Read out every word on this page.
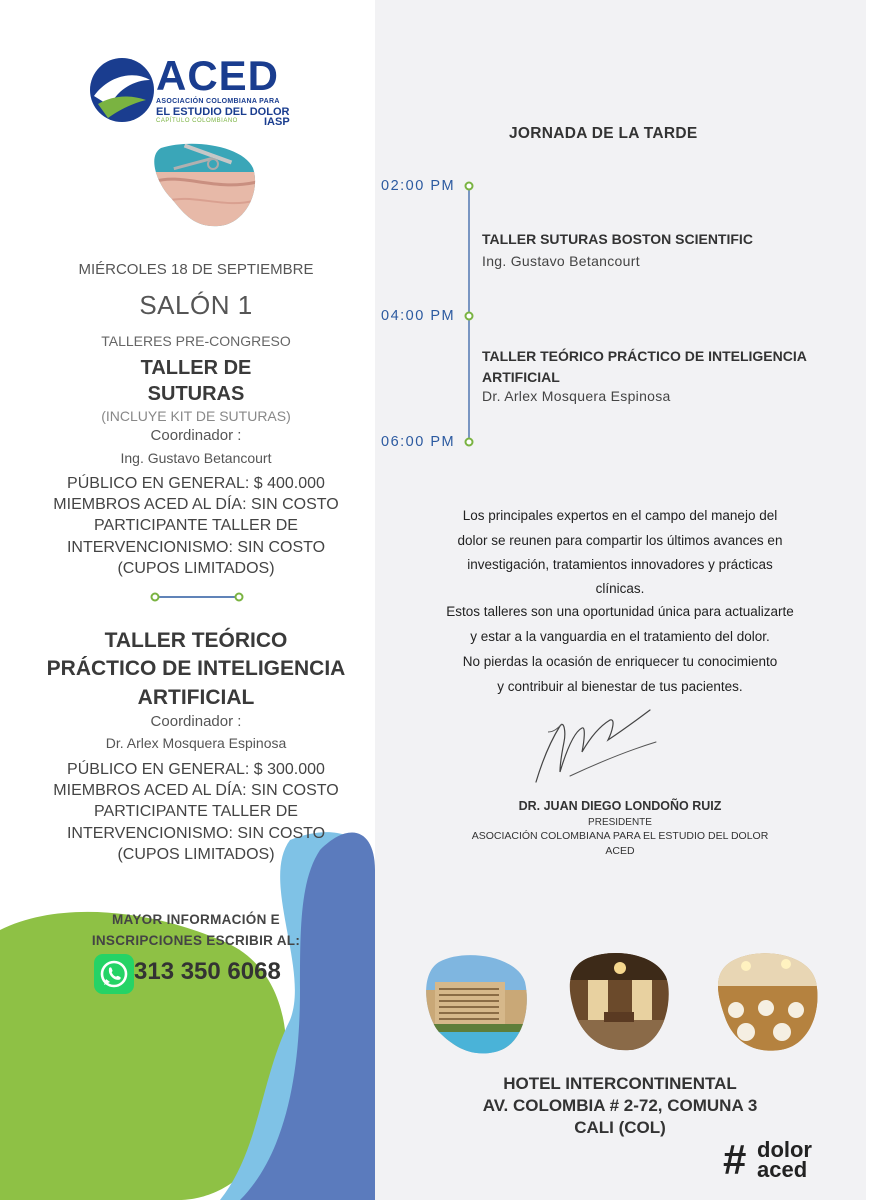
ACED
ASOCIACIÓN COLOMBIANA PARA
EL ESTUDIO DEL DOLOR
CAPÍTULO COLOMBIANO IASP
MIÉRCOLES 18 DE SEPTIEMBRE
SALÓN 1
TALLERES PRE-CONGRESO
TALLER DE
SUTURAS
(INCLUYE KIT DE SUTURAS)
Coordinador :
Ing. Gustavo Betancourt
PÚBLICO EN GENERAL: $ 400.000
MIEMBROS ACED AL DÍA: SIN COSTO
PARTICIPANTE TALLER DE
INTERVENCIONISMO: SIN COSTO
(CUPOS LIMITADOS)
TALLER TEÓRICO
PRÁCTICO DE INTELIGENCIA
ARTIFICIAL
Coordinador :
Dr. Arlex Mosquera Espinosa
PÚBLICO EN GENERAL: $ 300.000
MIEMBROS ACED AL DÍA: SIN COSTO
PARTICIPANTE TALLER DE
INTERVENCIONISMO: SIN COSTO
(CUPOS LIMITADOS)
MAYOR INFORMACIÓN E
INSCRIPCIONES ESCRIBIR AL:
313 350 6068
JORNADA DE LA TARDE
02:00 PM
04:00 PM
06:00 PM
TALLER SUTURAS BOSTON SCIENTIFIC
Ing. Gustavo Betancourt
TALLER TEÓRICO PRÁCTICO DE INTELIGENCIA
ARTIFICIAL
Dr. Arlex Mosquera Espinosa
Los principales expertos en el campo del manejo del
dolor se reunen para compartir los últimos avances en
investigación, tratamientos innovadores y prácticas
clínicas.
Estos talleres son una oportunidad única para actualizarte
y estar a la vanguardia en el tratamiento del dolor.
No pierdas la ocasión de enriquecer tu conocimiento
y contribuir al bienestar de tus pacientes.
DR. JUAN DIEGO LONDOÑO RUIZ
PRESIDENTE
ASOCIACIÓN COLOMBIANA PARA EL ESTUDIO DEL DOLOR
ACED
HOTEL INTERCONTINENTAL
AV. COLOMBIA # 2-72, COMUNA 3
CALI (COL)
# dolor
aced
